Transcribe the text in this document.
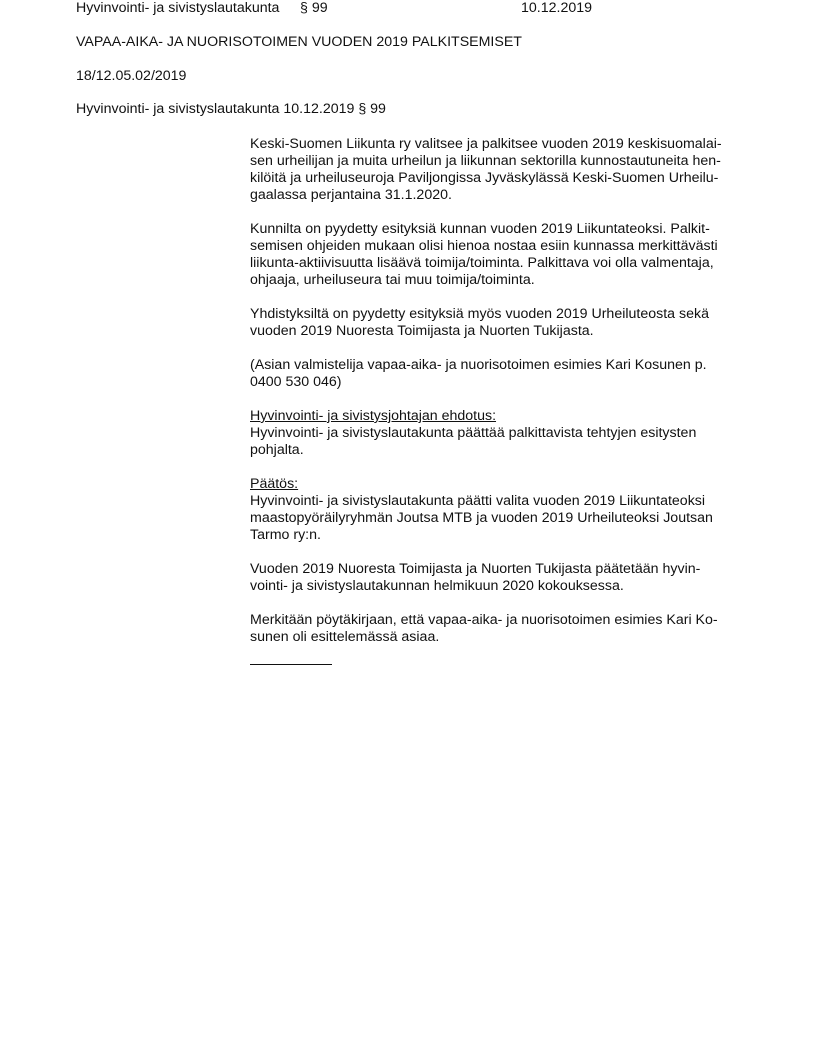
Hyvinvointi- ja sivistyslautakunta § 99	10.12.2019
VAPAA-AIKA- JA NUORISOTOIMEN VUODEN 2019 PALKITSEMISET
18/12.05.02/2019
Hyvinvointi- ja sivistyslautakunta 10.12.2019 § 99
Keski-Suomen Liikunta ry valitsee ja palkitsee vuoden 2019 keskisuomalai-
sen urheilijan ja muita urheilun ja liikunnan sektorilla kunnostautuneita hen-
kilöitä ja urheiluseuroja Paviljongissa Jyväskylässä Keski-Suomen Urheilu-
gaalassa perjantaina 31.1.2020.
Kunnilta on pyydetty esityksiä kunnan vuoden 2019 Liikuntateoksi. Palkit-
semisen ohjeiden mukaan olisi hienoa nostaa esiin kunnassa merkittävästi
liikunta-aktiivisuutta lisäävä toimija/toiminta. Palkittava voi olla valmentaja,
ohjaaja, urheiluseura tai muu toimija/toiminta.
Yhdistyksiltä on pyydetty esityksiä myös vuoden 2019 Urheiluteosta sekä
vuoden 2019 Nuoresta Toimijasta ja Nuorten Tukijasta.
(Asian valmistelija vapaa-aika- ja nuorisotoimen esimies Kari Kosunen p.
0400 530 046)
Hyvinvointi- ja sivistysjohtajan ehdotus:
Hyvinvointi- ja sivistyslautakunta päättää palkittavista tehtyjen esitysten
pohjalta.
Päätös:
Hyvinvointi- ja sivistyslautakunta päätti valita vuoden 2019 Liikuntateoksi
maastopyöräilyryhmän Joutsa MTB ja vuoden 2019 Urheiluteoksi Joutsan
Tarmo ry:n.
Vuoden 2019 Nuoresta Toimijasta ja Nuorten Tukijasta päätetään hyvin-
vointi- ja sivistyslautakunnan helmikuun 2020 kokouksessa.
Merkitään pöytäkirjaan, että vapaa-aika- ja nuorisotoimen esimies Kari Ko-
sunen oli esittelemässä asiaa.
